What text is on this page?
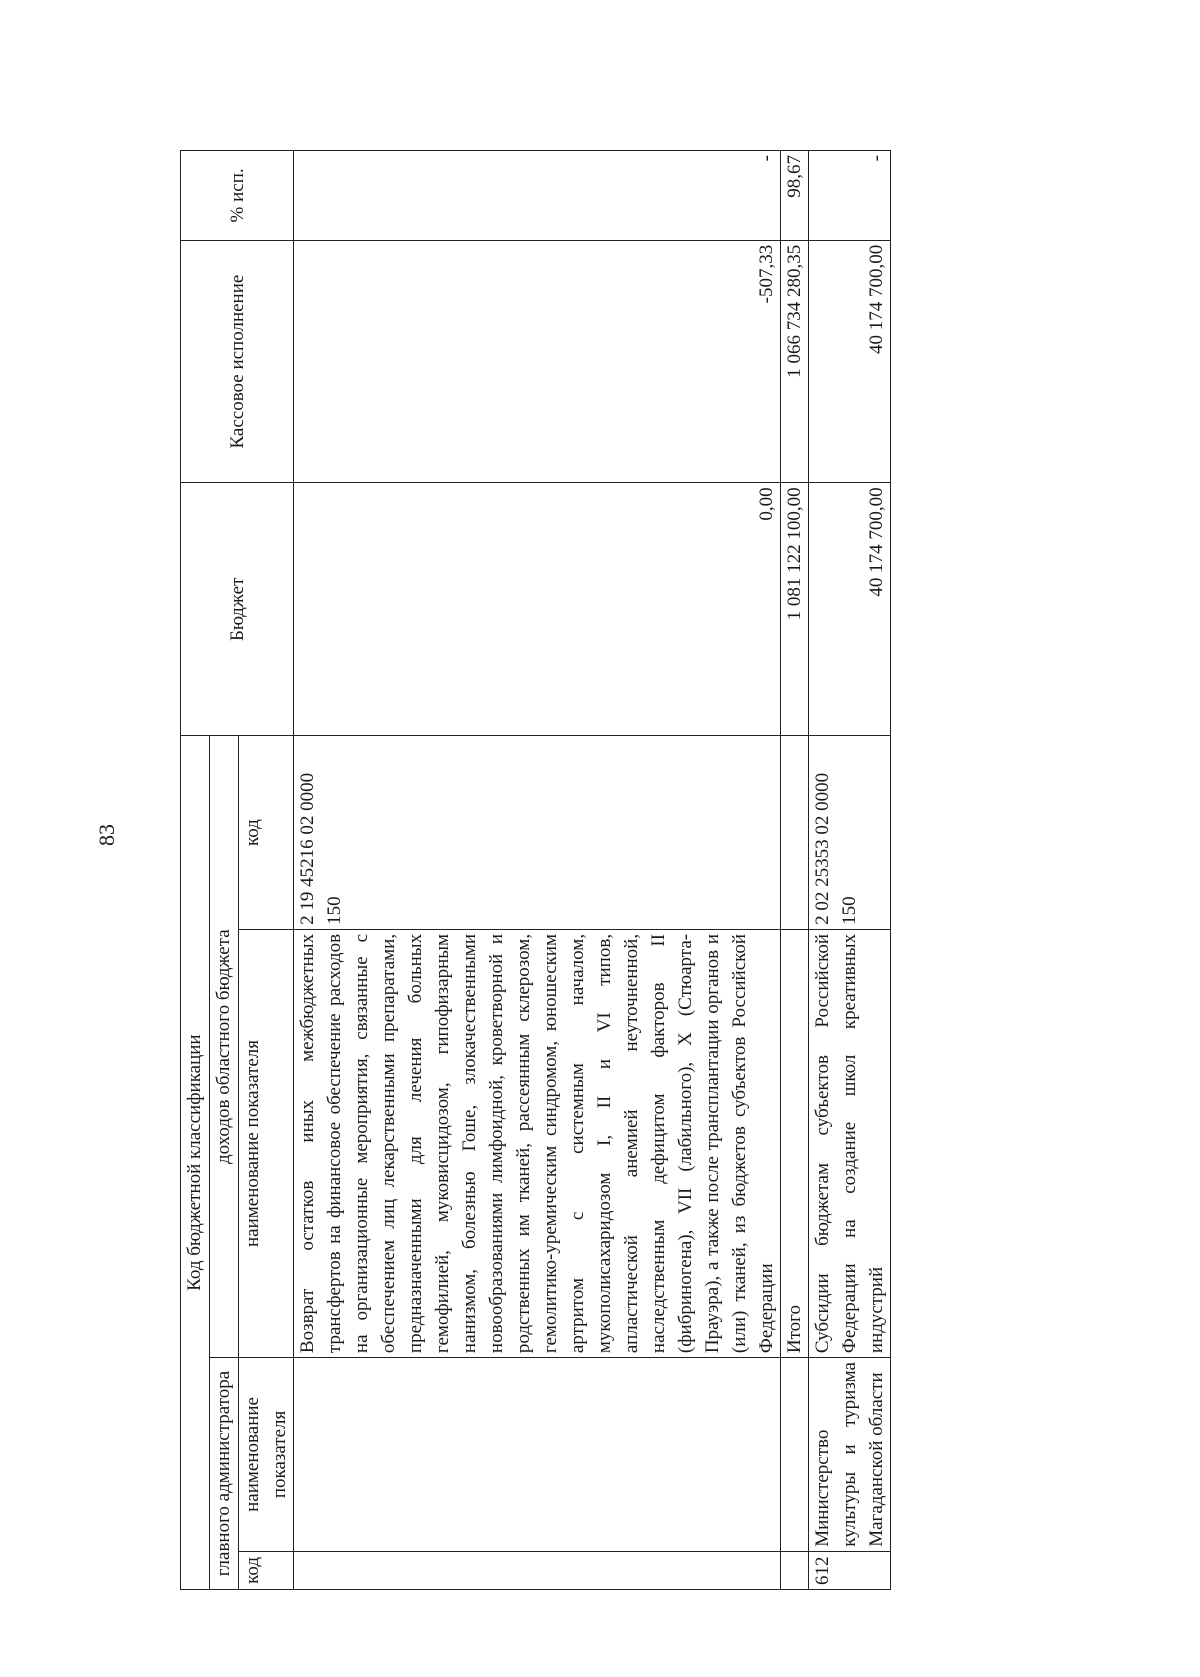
83
Код бюджетной классификации				Бюджет	Кассовое исполнение	% исп.
главного администратора		доходов областного бюджета				
код	наименование показателя	наименование показателя	код			
		Возврат остатков иных межбюджетных трансфертов на финансовое обеспечение расходов на организационные мероприятия, связанные с обеспечением лиц лекарственными препаратами, предназначенными для лечения больных гемофилией, муковисцидозом, гипофизарным нанизмом, болезнью Гоше, злокачественными новообразованиями лимфоидной, кроветворной и родственных им тканей, рассеянным склерозом, гемолитико-уремическим синдромом, юношеским артритом с системным началом, мукополисахаридозом I, II и VI типов, апластической анемией неуточненной, наследственным дефицитом факторов II (фибриногена), VII (лабильного), X (Стюарта-Прауэра), а также после трансплантации органов и (или) тканей, из бюджетов субъектов Российской Федерации	2 19 45216 02 0000 150	0,00	-507,33	-
		Итого		1 081 122 100,00	1 066 734 280,35	98,67
612	Министерство культуры и туризма Магаданской области	Субсидии бюджетам субъектов Российской Федерации на создание школ креативных индустрий	2 02 25353 02 0000 150	40 174 700,00	40 174 700,00	-
